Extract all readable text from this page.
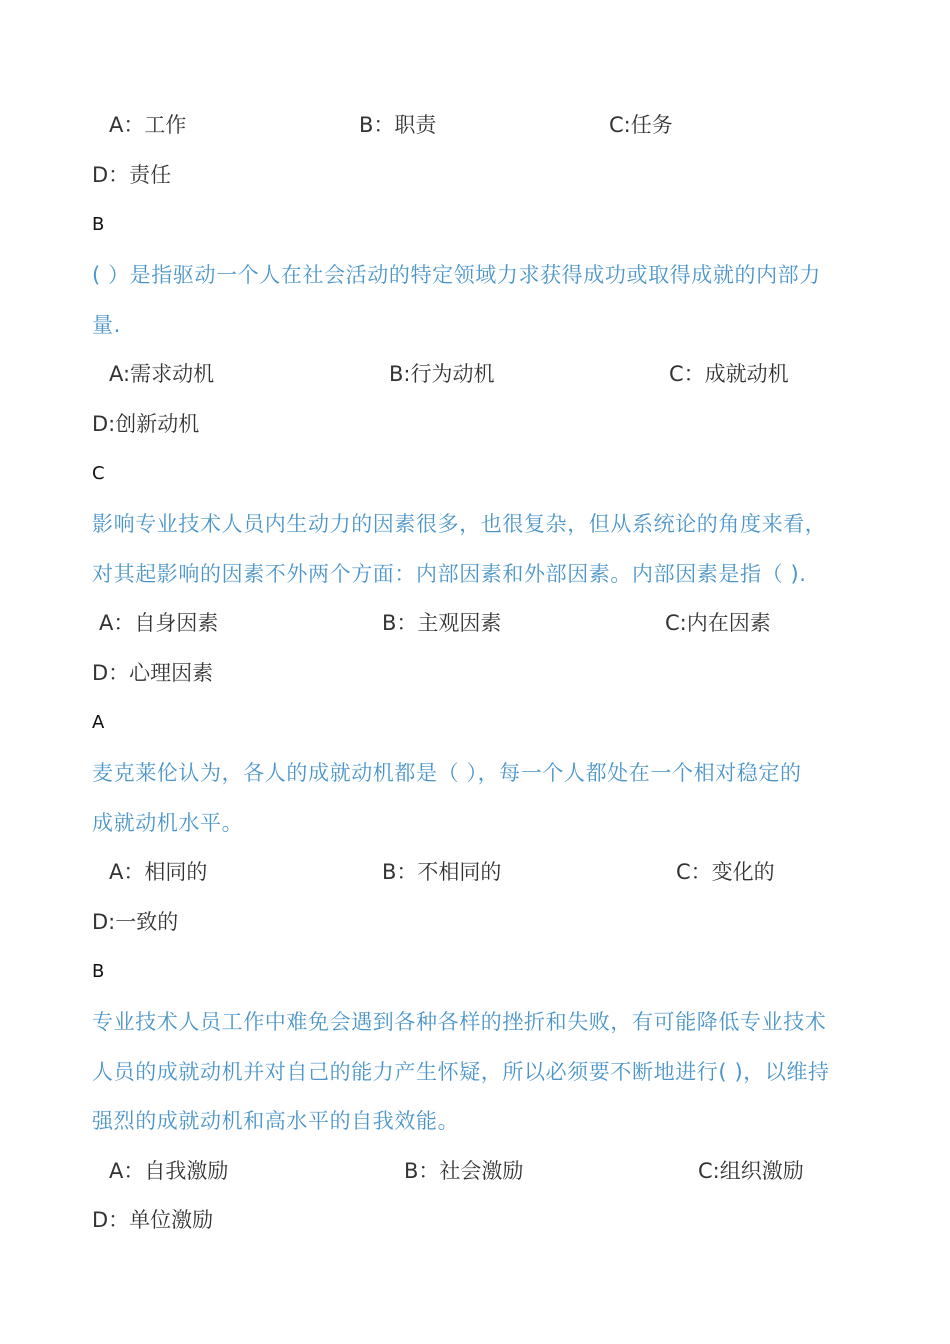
A：工作	B：职责	C:任务
D：责任
B
( ）是指驱动一个人在社会活动的特定领域力求获得成功或取得成就的内部力
量.
A:需求动机	B:行为动机	C：成就动机
D:创新动机
C
影响专业技术人员内生动力的因素很多，也很复杂，但从系统论的角度来看，
对其起影响的因素不外两个方面：内部因素和外部因素。内部因素是指（ ).
A：自身因素	B：主观因素	C:内在因素
D：心理因素
A
麦克莱伦认为，各人的成就动机都是（ ），每一个人都处在一个相对稳定的
成就动机水平。
A：相同的	B：不相同的	C：变化的
D:一致的
B
专业技术人员工作中难免会遇到各种各样的挫折和失败，有可能降低专业技术
人员的成就动机并对自己的能力产生怀疑，所以必须要不断地进行( )，以维持
强烈的成就动机和高水平的自我效能。
A：自我激励	B：社会激励	C:组织激励
D：单位激励
